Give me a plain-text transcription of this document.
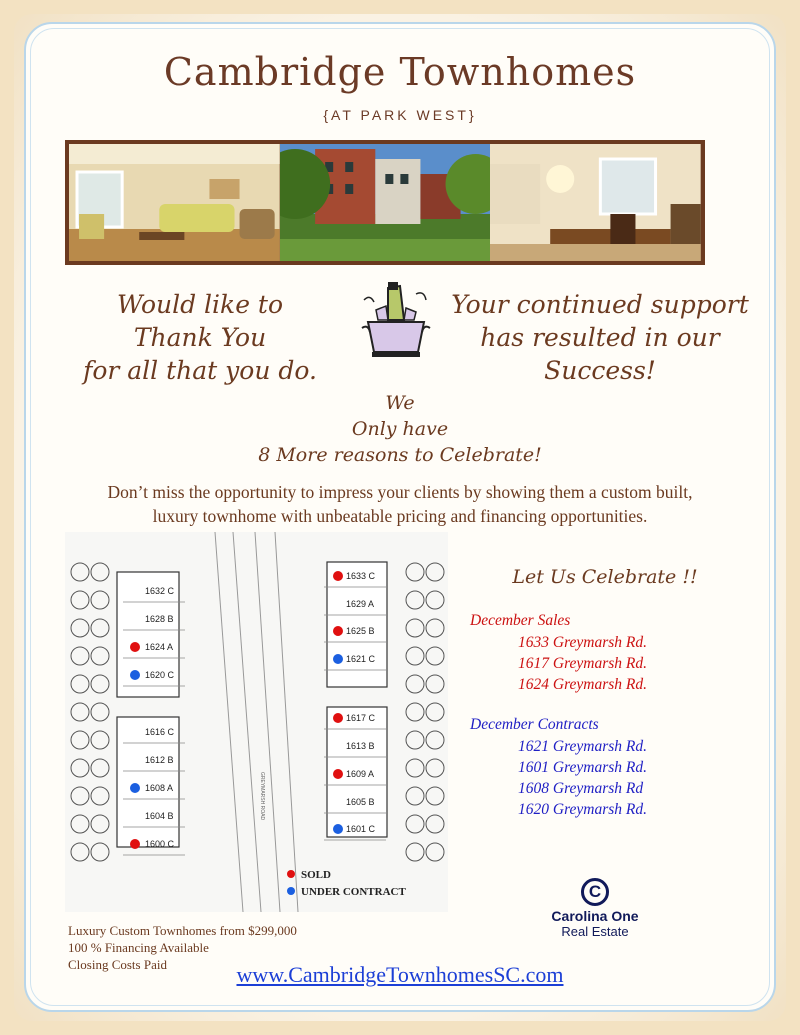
Cambridge Townhomes
{AT PARK WEST}
Would like to
Thank You
for all that you do.
Your continued support
has resulted in our
Success!
We
Only have
8 More reasons to Celebrate!
Don’t miss the opportunity to impress your clients by showing them a custom built,
luxury townhome with unbeatable pricing and financing opportunities.
1632 C
1628 B
1624 A
1620 C
1616 C
1612 B
1608 A
1604 B
1600 C
1633 C
1629 A
1625 B
1621 C
1617 C
1613 B
1609 A
1605 B
1601 C
GREYMARSH ROAD
SOLD
UNDER CONTRACT
Let Us Celebrate !!
December Sales
1633 Greymarsh Rd.
1617 Greymarsh Rd.
1624 Greymarsh Rd.
December Contracts
1621 Greymarsh Rd.
1601 Greymarsh Rd.
1608 Greymarsh Rd
1620 Greymarsh Rd.
C
Carolina One
Real Estate
Luxury Custom Townhomes from $299,000
100 % Financing Available
Closing Costs Paid	www.CambridgeTownhomesSC.com
